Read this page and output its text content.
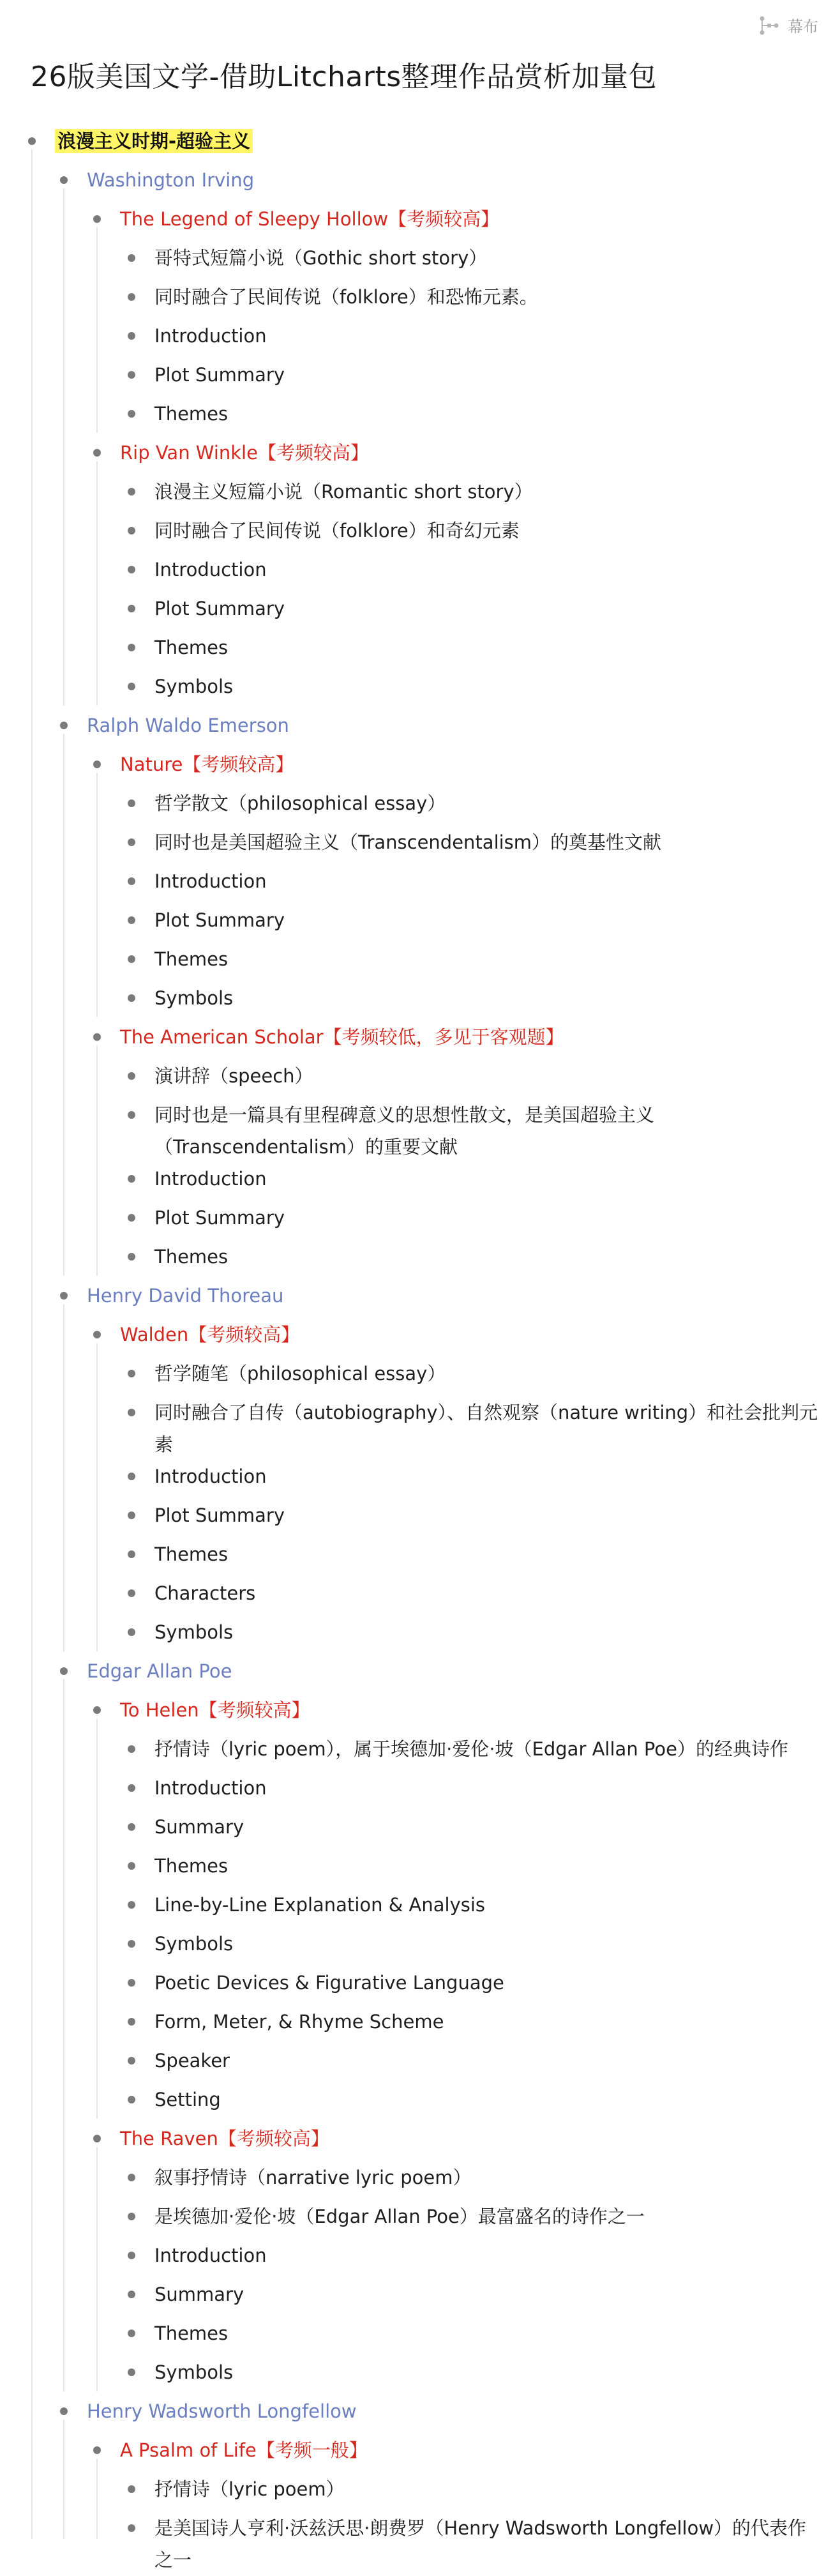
幕布
26版美国文学-借助Litcharts整理作品赏析加量包
浪漫主义时期-超验主义
Washington Irving
The Legend of Sleepy Hollow【考频较高】
哥特式短篇小说（Gothic short story）
同时融合了民间传说（folklore）和恐怖元素。
Introduction
Plot Summary
Themes
Rip Van Winkle【考频较高】
浪漫主义短篇小说（Romantic short story）
同时融合了民间传说（folklore）和奇幻元素
Introduction
Plot Summary
Themes
Symbols
Ralph Waldo Emerson
Nature【考频较高】
哲学散文（philosophical essay）
同时也是美国超验主义（Transcendentalism）的奠基性文献
Introduction
Plot Summary
Themes
Symbols
The American Scholar【考频较低，多见于客观题】
演讲辞（speech）
同时也是一篇具有里程碑意义的思想性散文，是美国超验主义（Transcendentalism）的重要文献
Introduction
Plot Summary
Themes
Henry David Thoreau
Walden【考频较高】
哲学随笔（philosophical essay）
同时融合了自传（autobiography）、自然观察（nature writing）和社会批判元素
Introduction
Plot Summary
Themes
Characters
Symbols
Edgar Allan Poe
To Helen【考频较高】
抒情诗（lyric poem），属于埃德加·爱伦·坡（Edgar Allan Poe）的经典诗作
Introduction
Summary
Themes
Line-by-Line Explanation & Analysis
Symbols
Poetic Devices & Figurative Language
Form, Meter, & Rhyme Scheme
Speaker
Setting
The Raven【考频较高】
叙事抒情诗（narrative lyric poem）
是埃德加·爱伦·坡（Edgar Allan Poe）最富盛名的诗作之一
Introduction
Summary
Themes
Symbols
Henry Wadsworth Longfellow
A Psalm of Life【考频一般】
抒情诗（lyric poem）
是美国诗人亨利·沃兹沃思·朗费罗（Henry Wadsworth Longfellow）的代表作之一
